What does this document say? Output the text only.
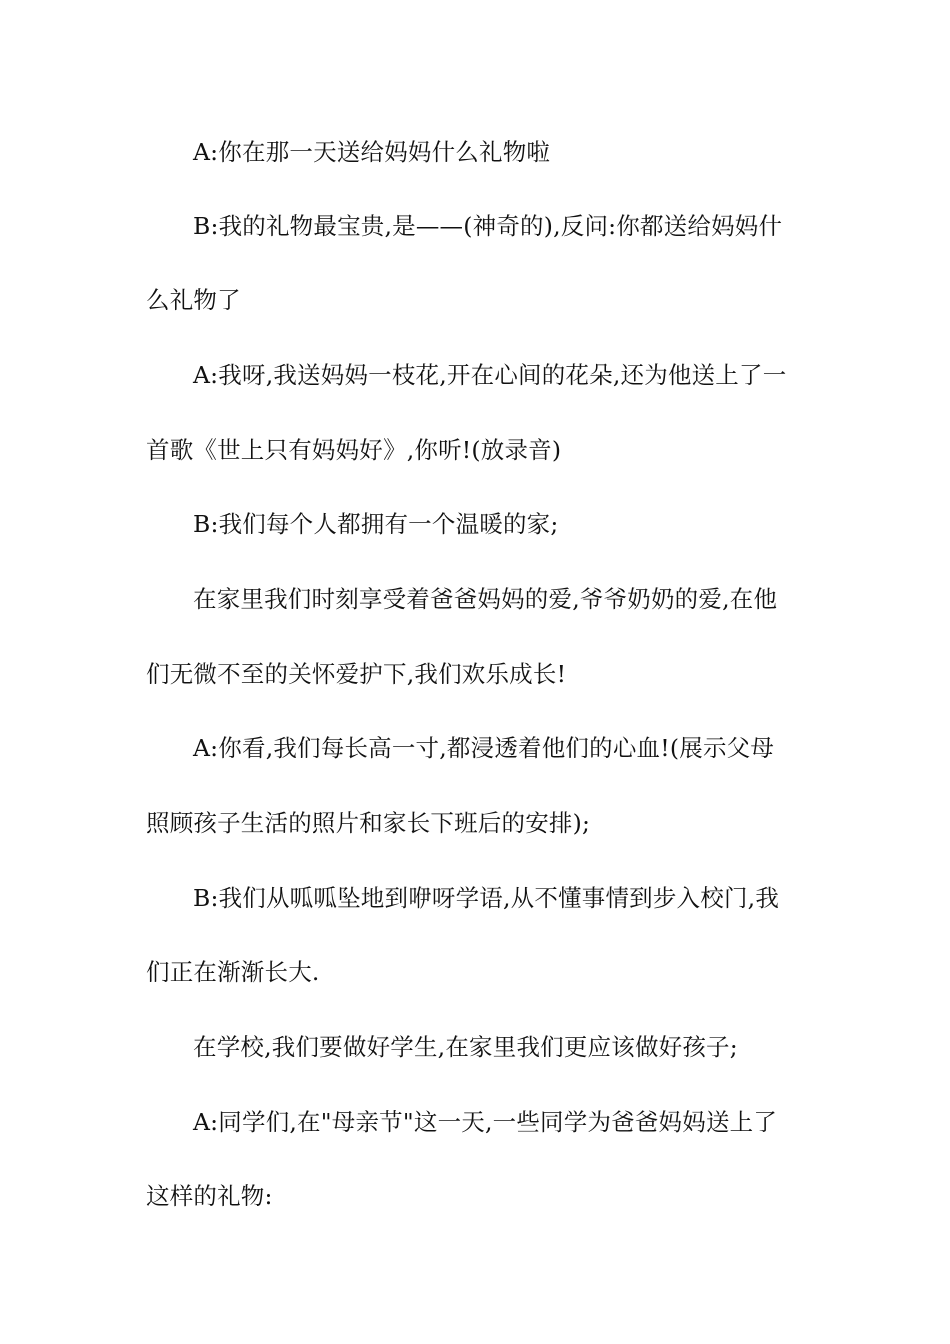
A:你在那一天送给妈妈什么礼物啦
B:我的礼物最宝贵,是——(神奇的),反问:你都送给妈妈什
么礼物了
A:我呀,我送妈妈一枝花,开在心间的花朵,还为他送上了一
首歌《世上只有妈妈好》,你听!(放录音)
B:我们每个人都拥有一个温暖的家;
在家里我们时刻享受着爸爸妈妈的爱,爷爷奶奶的爱,在他
们无微不至的关怀爱护下,我们欢乐成长!
A:你看,我们每长高一寸,都浸透着他们的心血!(展示父母
照顾孩子生活的照片和家长下班后的安排);
B:我们从呱呱坠地到咿呀学语,从不懂事情到步入校门,我
们正在渐渐长大.
在学校,我们要做好学生,在家里我们更应该做好孩子;
A:同学们,在"母亲节"这一天,一些同学为爸爸妈妈送上了
这样的礼物:
